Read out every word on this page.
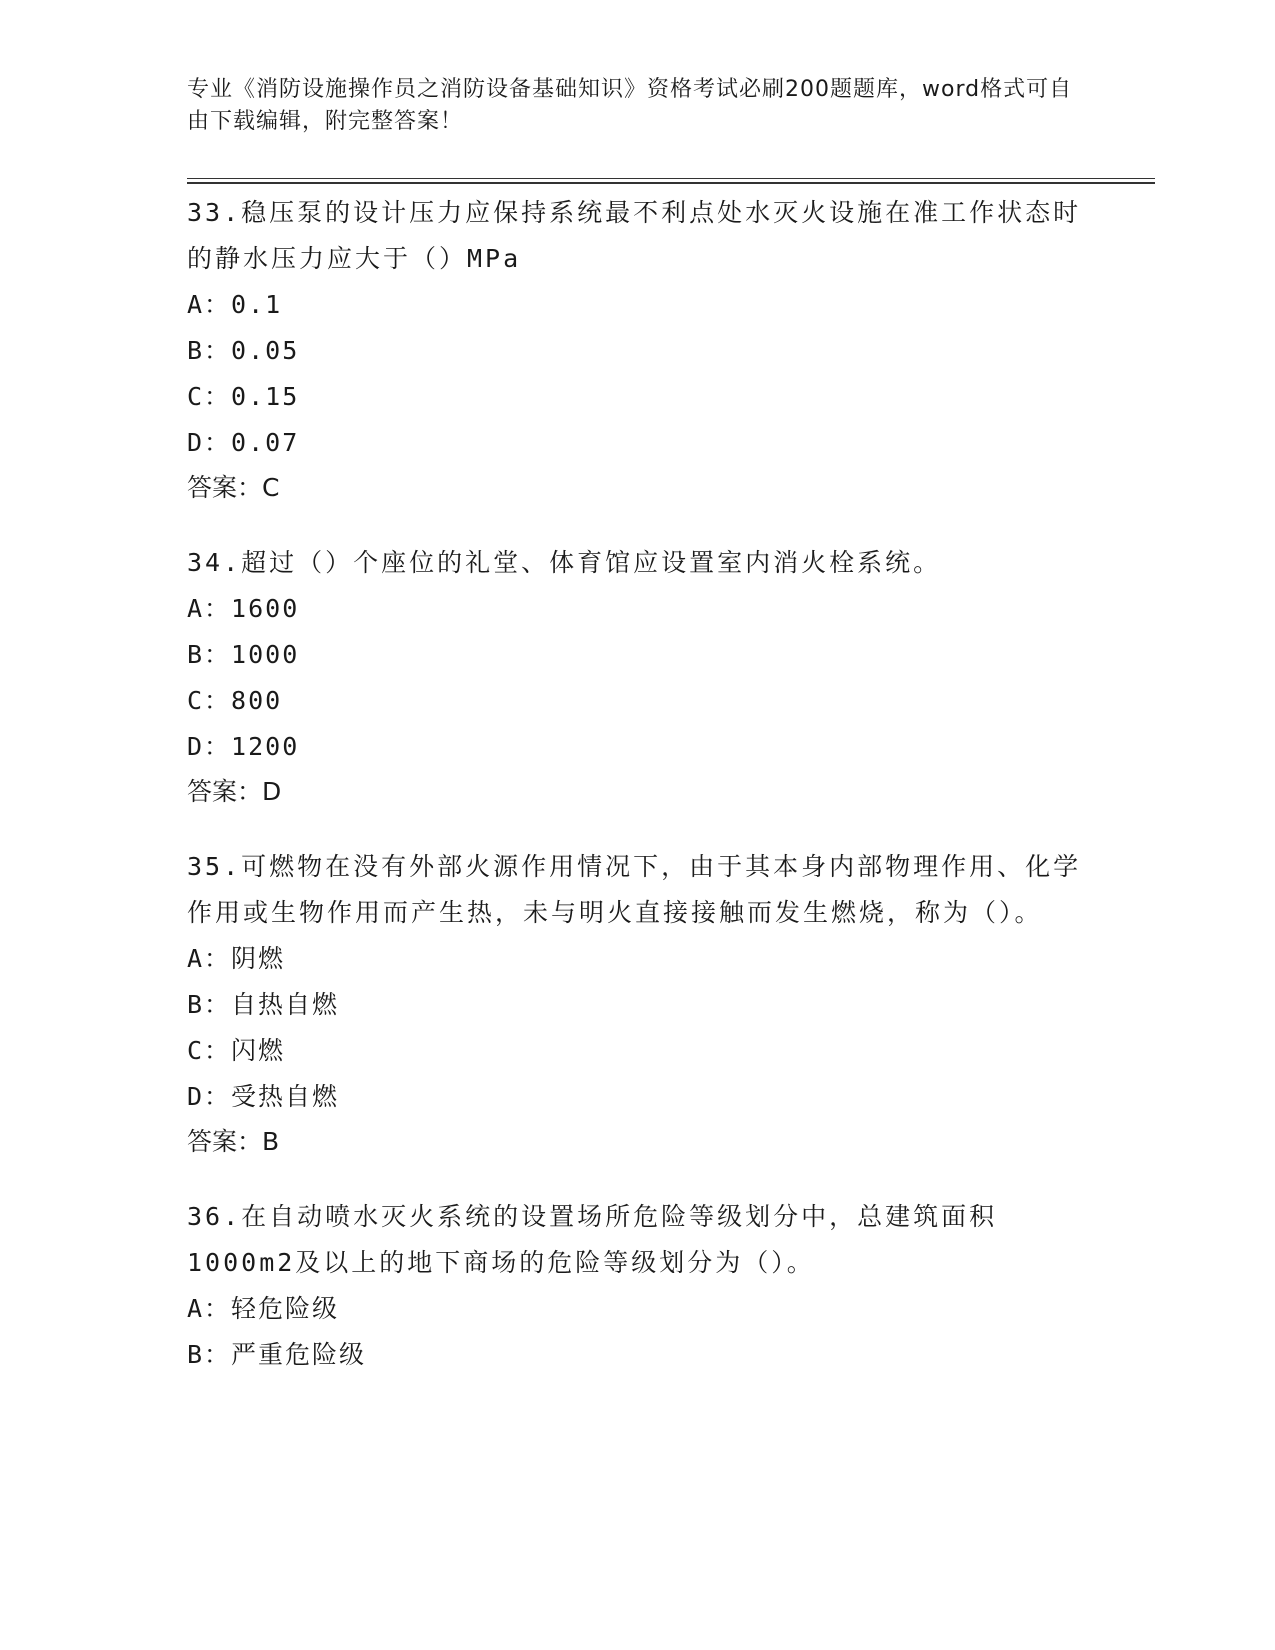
专业《消防设施操作员之消防设备基础知识》资格考试必刷200题题库，word格式可自由下载编辑，附完整答案！

33.稳压泵的设计压力应保持系统最不利点处水灭火设施在准工作状态时的静水压力应大于（）MPa

A：0.1

B：0.05

C：0.15

D：0.07

答案：C

34.超过（）个座位的礼堂、体育馆应设置室内消火栓系统。

A：1600

B：1000

C：800

D：1200

答案：D

35.可燃物在没有外部火源作用情况下，由于其本身内部物理作用、化学作用或生物作用而产生热，未与明火直接接触而发生燃烧，称为（）。

A：阴燃

B：自热自燃

C：闪燃

D：受热自燃

答案：B

36.在自动喷水灭火系统的设置场所危险等级划分中，总建筑面积1000m2及以上的地下商场的危险等级划分为（）。

A：轻危险级

B：严重危险级
